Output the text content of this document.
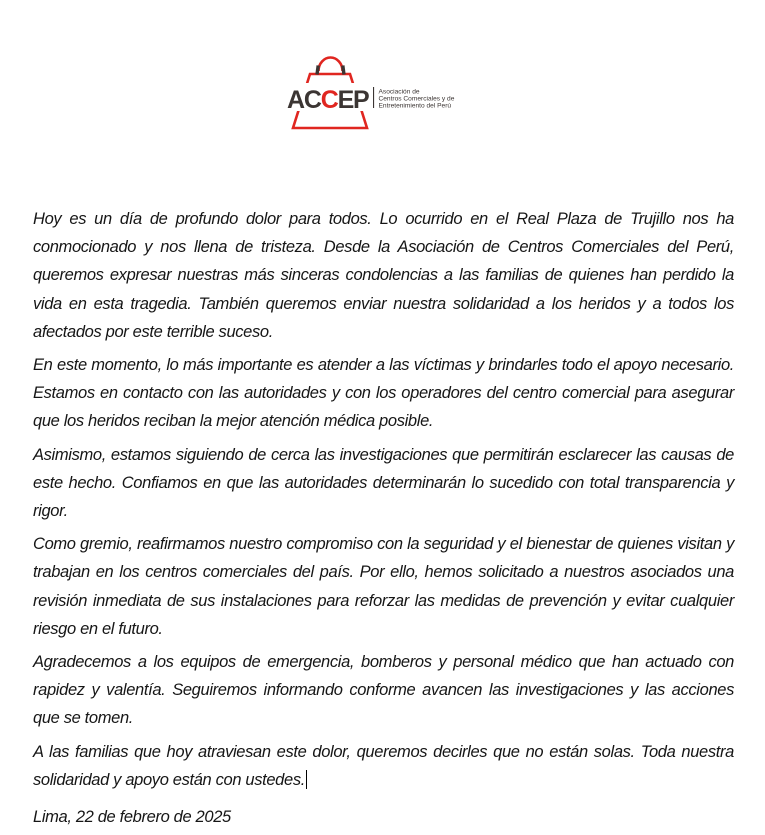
ACCEP Asociación de
Centros Comerciales y de
Entretenimiento del Perú

Hoy es un día de profundo dolor para todos. Lo ocurrido en el Real Plaza de Trujillo nos ha conmocionado y nos llena de tristeza. Desde la Asociación de Centros Comerciales del Perú, queremos expresar nuestras más sinceras condolencias a las familias de quienes han perdido la vida en esta tragedia. También queremos enviar nuestra solidaridad a los heridos y a todos los afectados por este terrible suceso.

En este momento, lo más importante es atender a las víctimas y brindarles todo el apoyo necesario. Estamos en contacto con las autoridades y con los operadores del centro comercial para asegurar que los heridos reciban la mejor atención médica posible.

Asimismo, estamos siguiendo de cerca las investigaciones que permitirán esclarecer las causas de este hecho. Confiamos en que las autoridades determinarán lo sucedido con total transparencia y rigor.

Como gremio, reafirmamos nuestro compromiso con la seguridad y el bienestar de quienes visitan y trabajan en los centros comerciales del país. Por ello, hemos solicitado a nuestros asociados una revisión inmediata de sus instalaciones para reforzar las medidas de prevención y evitar cualquier riesgo en el futuro.

Agradecemos a los equipos de emergencia, bomberos y personal médico que han actuado con rapidez y valentía. Seguiremos informando conforme avancen las investigaciones y las acciones que se tomen.

A las familias que hoy atraviesan este dolor, queremos decirles que no están solas. Toda nuestra solidaridad y apoyo están con ustedes.

Lima, 22 de febrero de 2025
